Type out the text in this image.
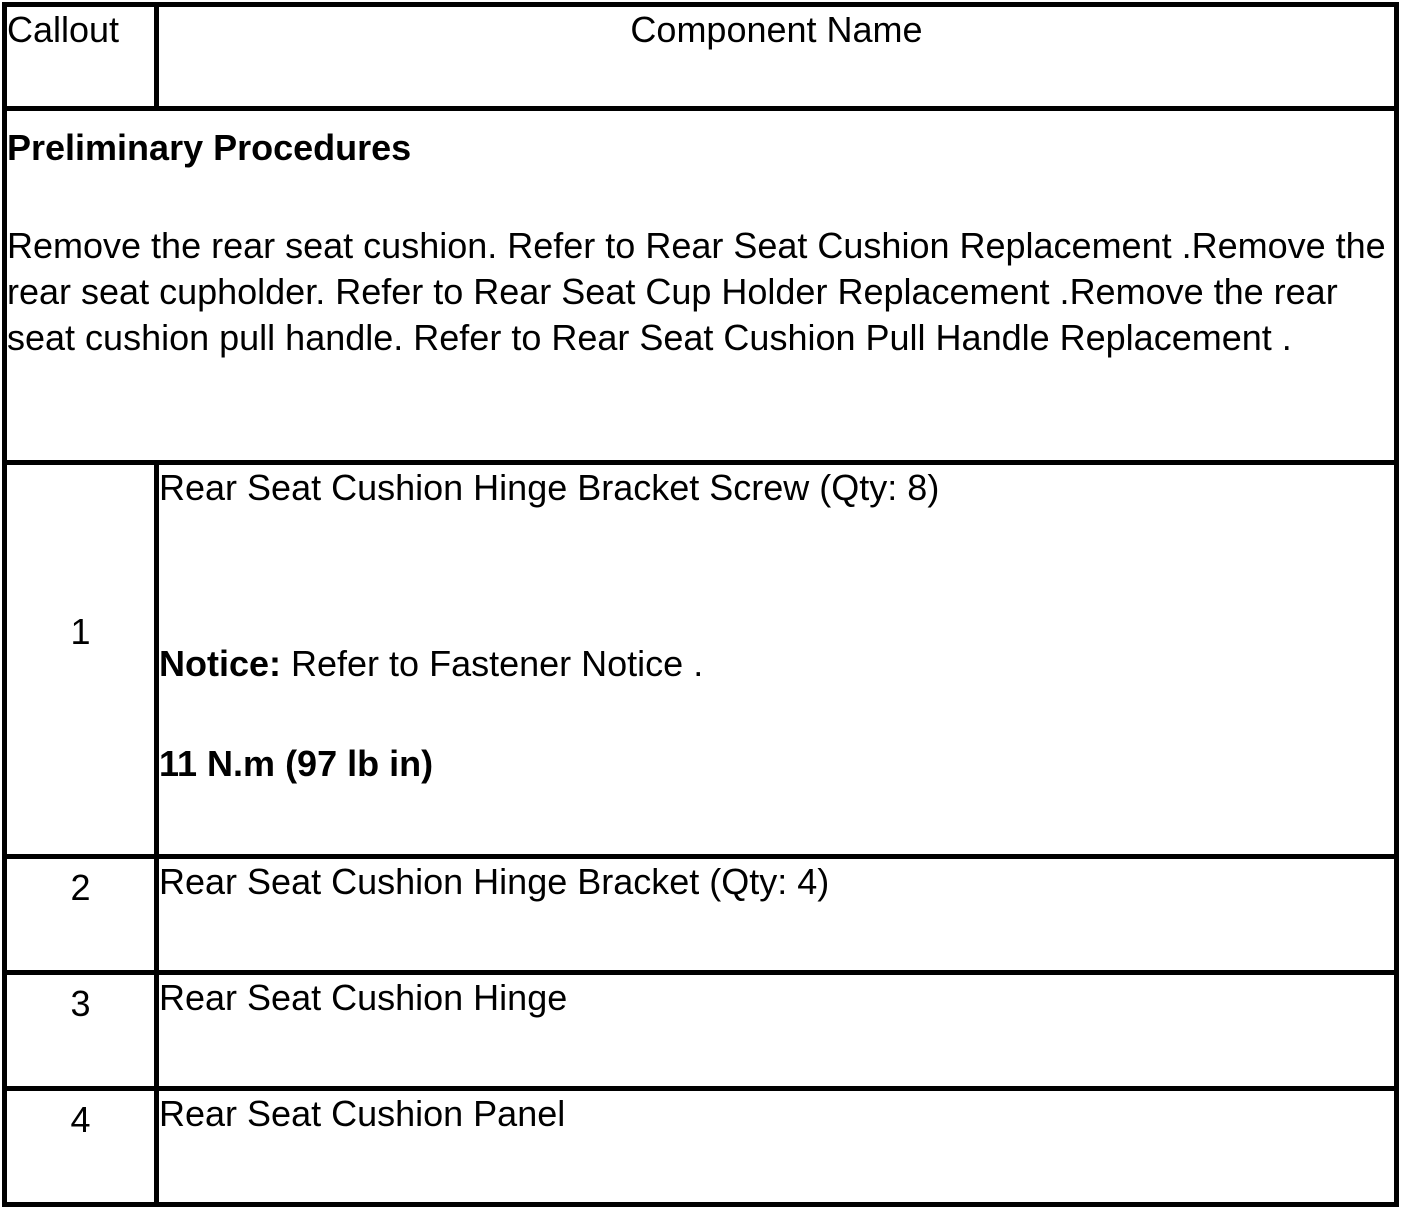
Callout	Component Name

Preliminary Procedures
Remove the rear seat cushion. Refer to Rear Seat Cushion Replacement .Remove the rear seat cupholder. Refer to Rear Seat Cup Holder Replacement .Remove the rear seat cushion pull handle. Refer to Rear Seat Cushion Pull Handle Replacement .	

1	Rear Seat Cushion Hinge Bracket Screw (Qty: 8)
Notice: Refer to Fastener Notice .
11 N.m (97 lb in)

2	Rear Seat Cushion Hinge Bracket (Qty: 4)

3	Rear Seat Cushion Hinge

4	Rear Seat Cushion Panel
